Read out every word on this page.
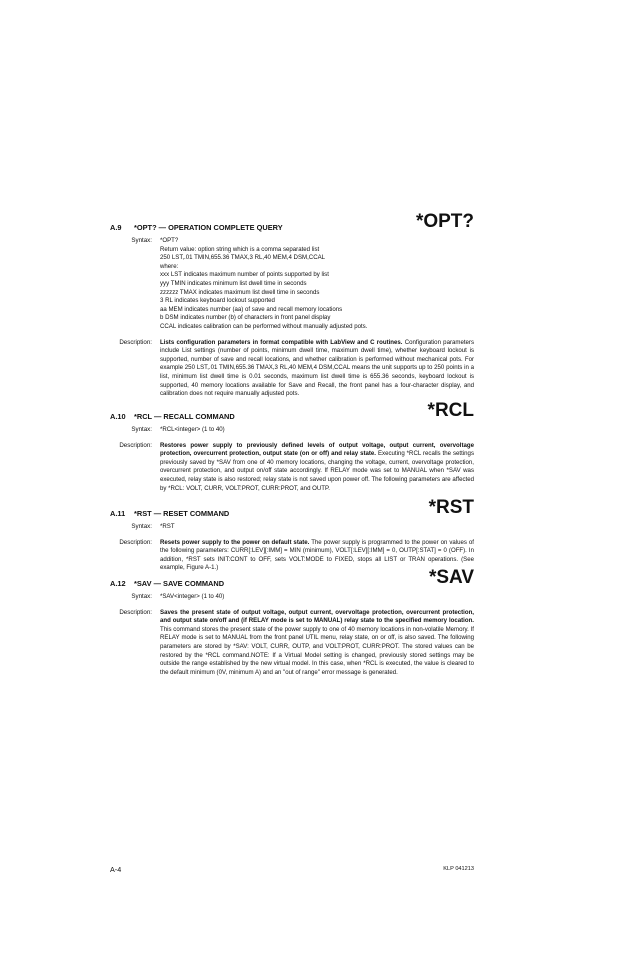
A.9 *OPT? — OPERATION COMPLETE QUERY	*OPT?
Syntax: *OPT?
Return value: option string which is a comma separated list
250 LST,.01 TMIN,655.36 TMAX,3 RL,40 MEM,4 DSM,CCAL
where:
xxx LST indicates maximum number of points supported by list
yyy TMIN indicates minimum list dwell time in seconds
zzzzzz TMAX indicates maximum list dwell time in seconds
3 RL indicates keyboard lockout supported
aa MEM indicates number (aa) of save and recall memory locations
b DSM indicates number (b) of characters in front panel display
CCAL indicates calibration can be performed without manually adjusted pots.
Description: Lists configuration parameters in format compatible with LabView and C routines. Configuration parameters include List settings (number of points, minimum dwell time, maximum dwell time), whether keyboard lockout is supported, number of save and recall locations, and whether calibration is performed without mechanical pots. For example 250 LST,.01 TMIN,655.36 TMAX,3 RL,40 MEM,4 DSM,CCAL means the unit supports up to 250 points in a list, minimum list dwell time is 0.01 seconds, maximum list dwell time is 655.36 seconds, keyboard lockout is supported, 40 memory locations available for Save and Recall, the front panel has a four-character display, and calibration does not require manually adjusted pots.
A.10 *RCL — RECALL COMMAND	*RCL
Syntax: *RCL<integer> (1 to 40)
Description: Restores power supply to previously defined levels of output voltage, output current, overvoltage protection, overcurrent protection, output state (on or off) and relay state. Executing *RCL recalls the settings previously saved by *SAV from one of 40 memory locations, changing the voltage, current, overvoltage protection, overcurrent protection, and output on/off state accordingly. If RELAY mode was set to MANUAL when *SAV was executed, relay state is also restored; relay state is not saved upon power off. The following parameters are affected by *RCL: VOLT, CURR, VOLT:PROT, CURR:PROT, and OUTP.
A.11 *RST — RESET COMMAND	*RST
Syntax: *RST
Description: Resets power supply to the power on default state. The power supply is programmed to the power on values of the following parameters: CURR[:LEV][:IMM] = MIN (minimum), VOLT[:LEV][:IMM] = 0, OUTP[:STAT] = 0 (OFF). In addition, *RST sets INIT:CONT to OFF, sets VOLT:MODE to FIXED, stops all LIST or TRAN operations. (See example, Figure A-1.)
A.12 *SAV — SAVE COMMAND	*SAV
Syntax: *SAV<integer> (1 to 40)
Description: Saves the present state of output voltage, output current, overvoltage protection, overcurrent protection, and output state on/off and (if RELAY mode is set to MANUAL) relay state to the specified memory location. This command stores the present state of the power supply to one of 40 memory locations in non-volatile Memory. If RELAY mode is set to MANUAL from the front panel UTIL menu, relay state, on or off, is also saved. The following parameters are stored by *SAV: VOLT, CURR, OUTP, and VOLT:PROT, CURR:PROT. The stored values can be restored by the *RCL command.NOTE: If a Virtual Model setting is changed, previously stored settings may be outside the range established by the new virtual model. In this case, when *RCL is executed, the value is cleared to the default minimum (0V, minimum A) and an "out of range" error message is generated.
A-4	KLP 041213
